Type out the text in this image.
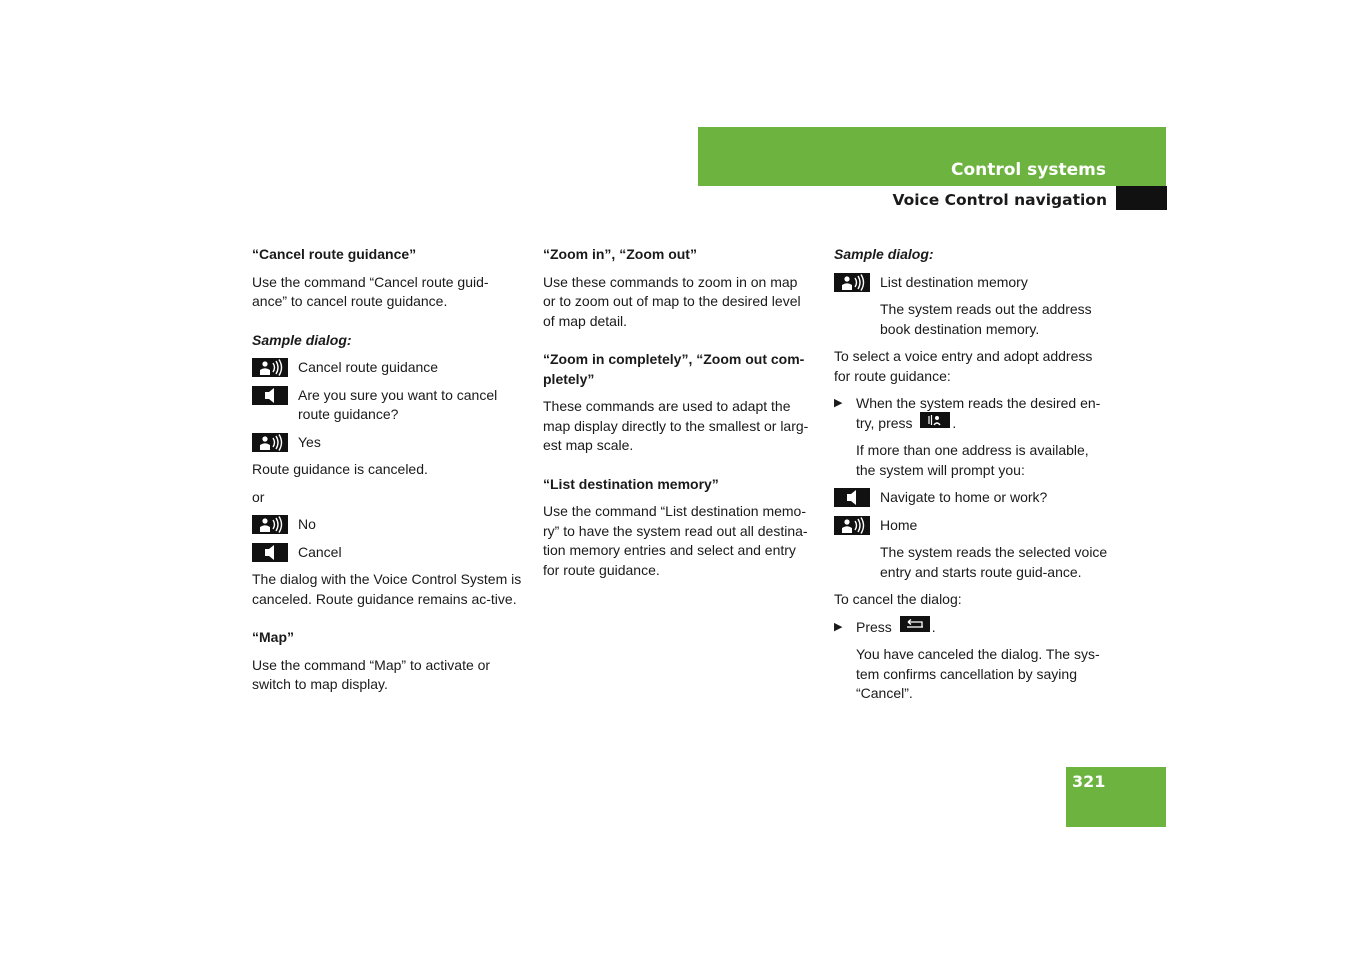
Control systems
Voice Control navigation

“Cancel route guidance”

Use the command “Cancel route guid-ance” to cancel route guidance.

Sample dialog:

Cancel route guidance
Are you sure you want to cancel route guidance?
Yes

Route guidance is canceled.

or

No
Cancel

The dialog with the Voice Control System is canceled. Route guidance remains ac-tive.

“Map”

Use the command “Map” to activate or switch to map display.

“Zoom in”, “Zoom out”

Use these commands to zoom in on map or to zoom out of map to the desired level of map detail.

“Zoom in completely”, “Zoom out com-pletely”

These commands are used to adapt the map display directly to the smallest or larg-est map scale.

“List destination memory”

Use the command “List destination memo-ry” to have the system read out all destina-tion memory entries and select and entry for route guidance.

Sample dialog:

List destination memory

The system reads out the address book destination memory.

To select a voice entry and adopt address for route guidance:

▶ When the system reads the desired en-try, press	.

If more than one address is available, the system will prompt you:

Navigate to home or work?
Home

The system reads the selected voice entry and starts route guid-ance.

To cancel the dialog:

▶ Press	.

You have canceled the dialog. The sys-tem confirms cancellation by saying “Cancel”.

321
